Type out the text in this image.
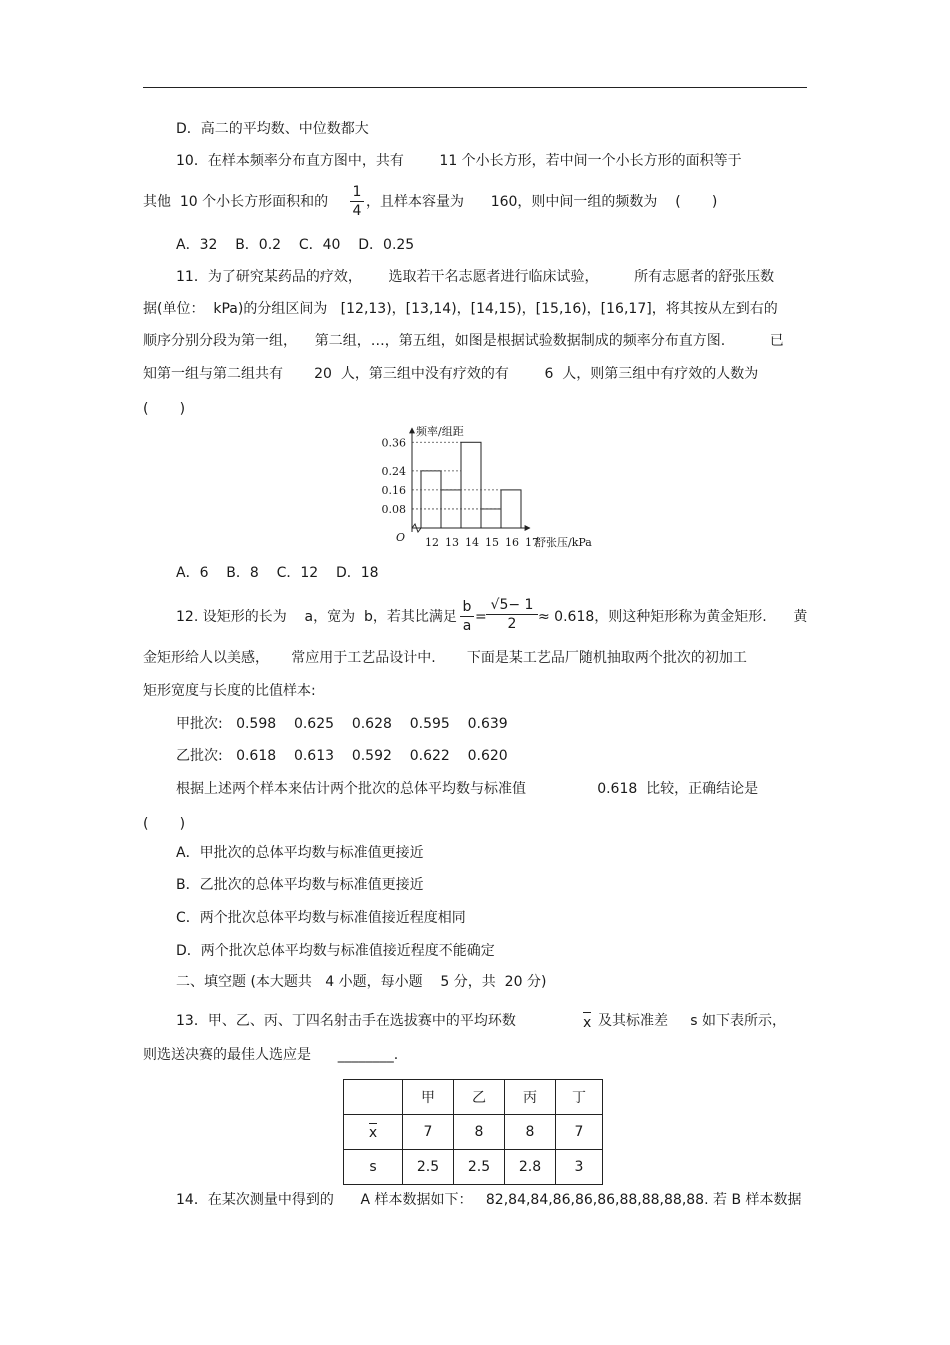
D．高二的平均数、中位数都大
10．在样本频率分布直方图中，共有        11 个小长方形，若中间一个小长方形的面积等于
其他  10 个小长方形面积和的
1
4
，且样本容量为      160，则中间一组的频数为    (       )
A．32    B．0.2    C．40    D．0.25
11．为了研究某药品的疗效，      选取若干名志愿者进行临床试验，        所有志愿者的舒张压数
据(单位：  kPa)的分组区间为   [12,13)，[13,14)，[14,15)，[15,16)，[16,17]，将其按从左到右的
顺序分别分段为第一组，    第二组，…，第五组，如图是根据试验数据制成的频率分布直方图.          已
知第一组与第二组共有       20  人，第三组中没有疗效的有        6  人，则第三组中有疗效的人数为
(       )
频率/组距
舒张压/kPa
O
0.36
0.24
0.16
0.08
12 13 14 15 16 17
A．6    B．8    C．12    D．18
12. 设矩形的长为    a，宽为  b，若其比满足
b
a
=
√5− 1
2	≈ 0.618，则这种矩形称为黄金矩形.      黄
金矩形给人以美感，     常应用于工艺品设计中.       下面是某工艺品厂随机抽取两个批次的初加工
矩形宽度与长度的比值样本:
甲批次:   0.598    0.625    0.628    0.595    0.639
乙批次:   0.618    0.613    0.592    0.622    0.620
根据上述两个样本来估计两个批次的总体平均数与标准值                0.618  比较，正确结论是
(       )
A．甲批次的总体平均数与标准值更接近
B．乙批次的总体平均数与标准值更接近
C．两个批次总体平均数与标准值接近程度相同
D．两个批次总体平均数与标准值接近程度不能确定
二、填空题 (本大题共   4 小题，每小题    5 分，共  20 分)
13．甲、乙、丙、丁四名射击手在选拔赛中的平均环数	x 及其标准差     s 如下表所示，
则选送决赛的最佳人选应是      ________.
	甲	乙	丙	丁
x	7	8	8	7
s	2.5	2.5	2.8	3
14．在某次测量中得到的      A 样本数据如下：   82,84,84,86,86,86,88,88,88,88. 若 B 样本数据
